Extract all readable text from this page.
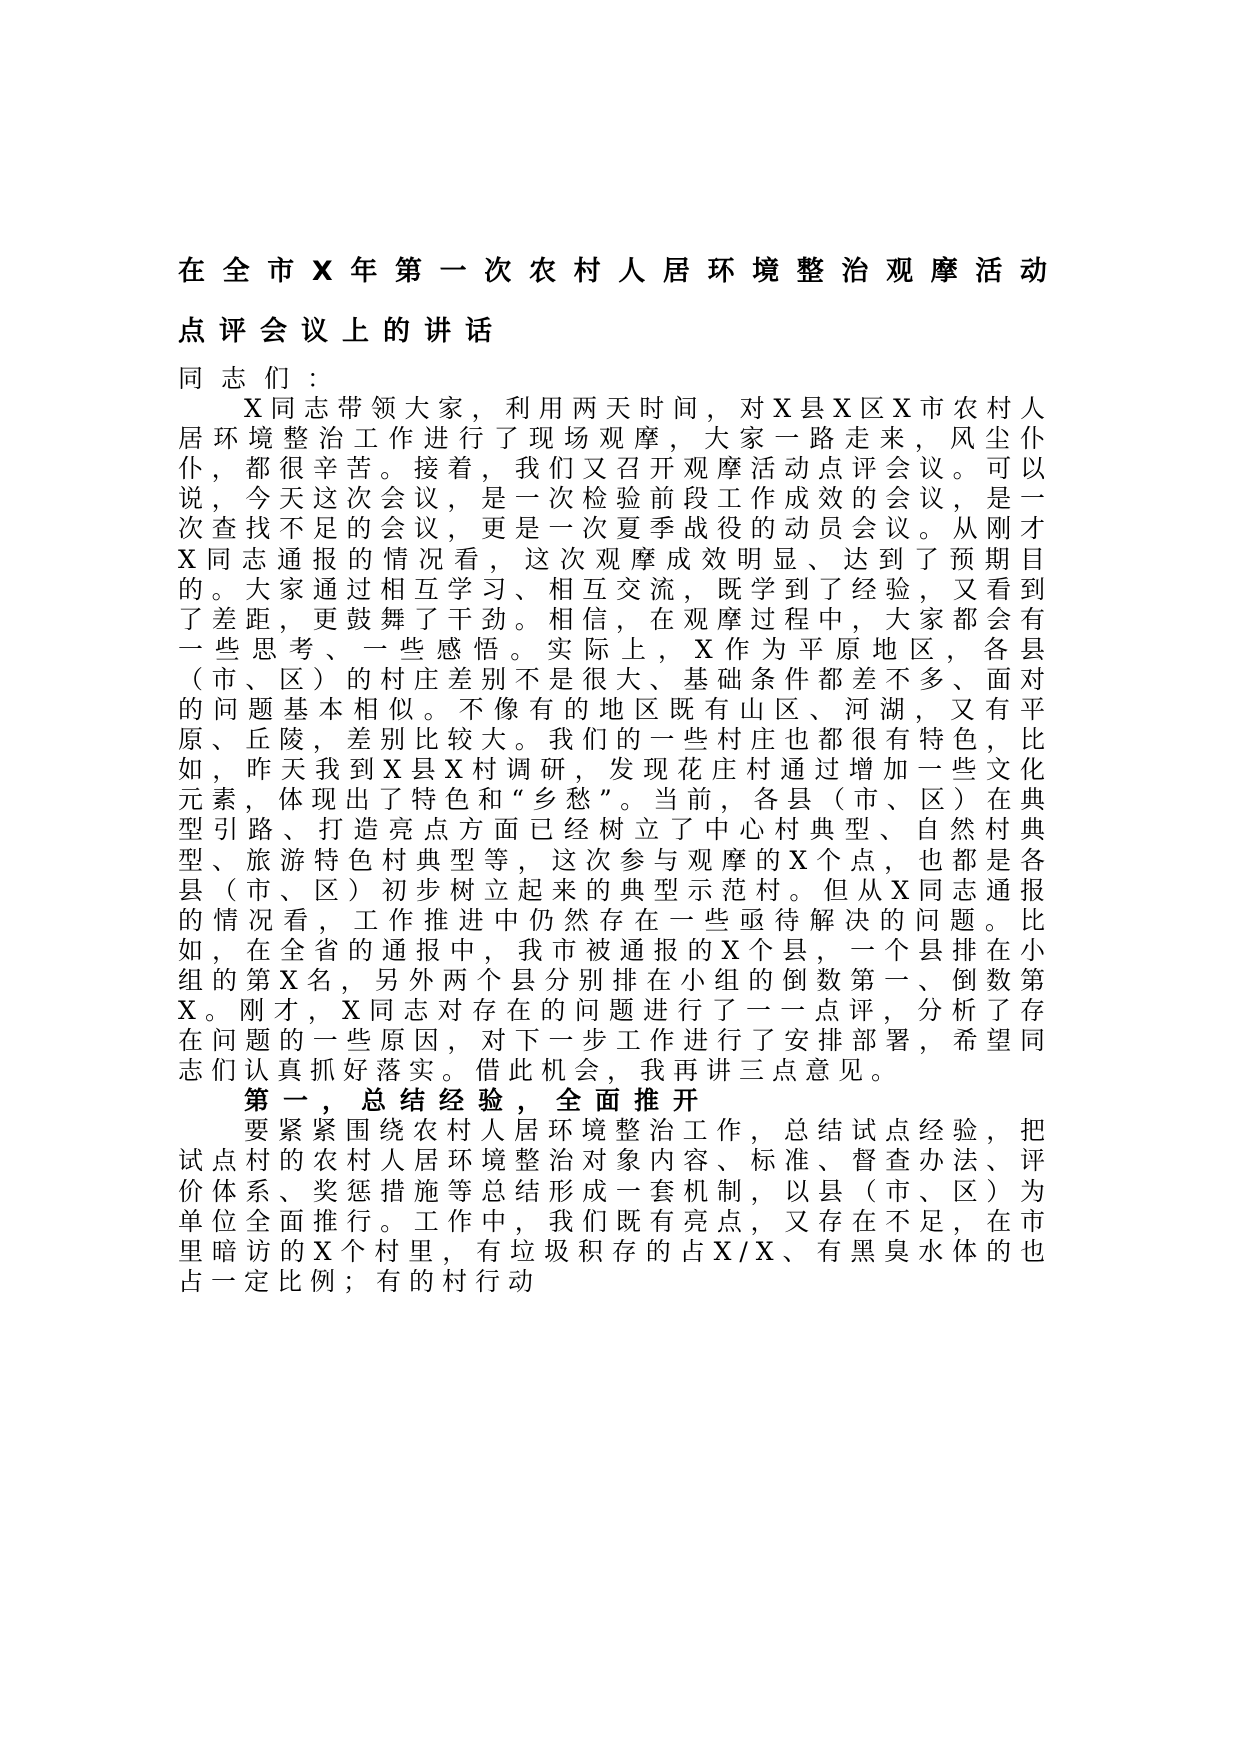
在全市X年第一次农村人居环境整治观摩活动
点评会议上的讲话

同志们：

X同志带领大家，利用两天时间，对X县X区X市农村人居环境整治工作进行了现场观摩，大家一路走来，风尘仆仆，都很辛苦。接着，我们又召开观摩活动点评会议。可以说，今天这次会议，是一次检验前段工作成效的会议，是一次查找不足的会议，更是一次夏季战役的动员会议。从刚才X同志通报的情况看，这次观摩成效明显、达到了预期目的。大家通过相互学习、相互交流，既学到了经验，又看到了差距，更鼓舞了干劲。相信，在观摩过程中，大家都会有一些思考、一些感悟。实际上，X作为平原地区，各县（市、区）的村庄差别不是很大、基础条件都差不多、面对的问题基本相似。不像有的地区既有山区、河湖，又有平原、丘陵，差别比较大。我们的一些村庄也都很有特色，比如，昨天我到X县X村调研，发现花庄村通过增加一些文化元素，体现出了特色和“乡愁”。当前，各县（市、区）在典型引路、打造亮点方面已经树立了中心村典型、自然村典型、旅游特色村典型等，这次参与观摩的X个点，也都是各县（市、区）初步树立起来的典型示范村。但从X同志通报的情况看，工作推进中仍然存在一些亟待解决的问题。比如，在全省的通报中，我市被通报的X个县，一个县排在小组的第X名，另外两个县分别排在小组的倒数第一、倒数第X。刚才，X同志对存在的问题进行了一一点评，分析了存在问题的一些原因，对下一步工作进行了安排部署，希望同志们认真抓好落实。借此机会，我再讲三点意见。

第一，总结经验，全面推开

要紧紧围绕农村人居环境整治工作，总结试点经验，把试点村的农村人居环境整治对象内容、标准、督查办法、评价体系、奖惩措施等总结形成一套机制，以县（市、区）为单位全面推行。工作中，我们既有亮点，又存在不足，在市里暗访的X个村里，有垃圾积存的占X/X、有黑臭水体的也占一定比例；有的村行动
